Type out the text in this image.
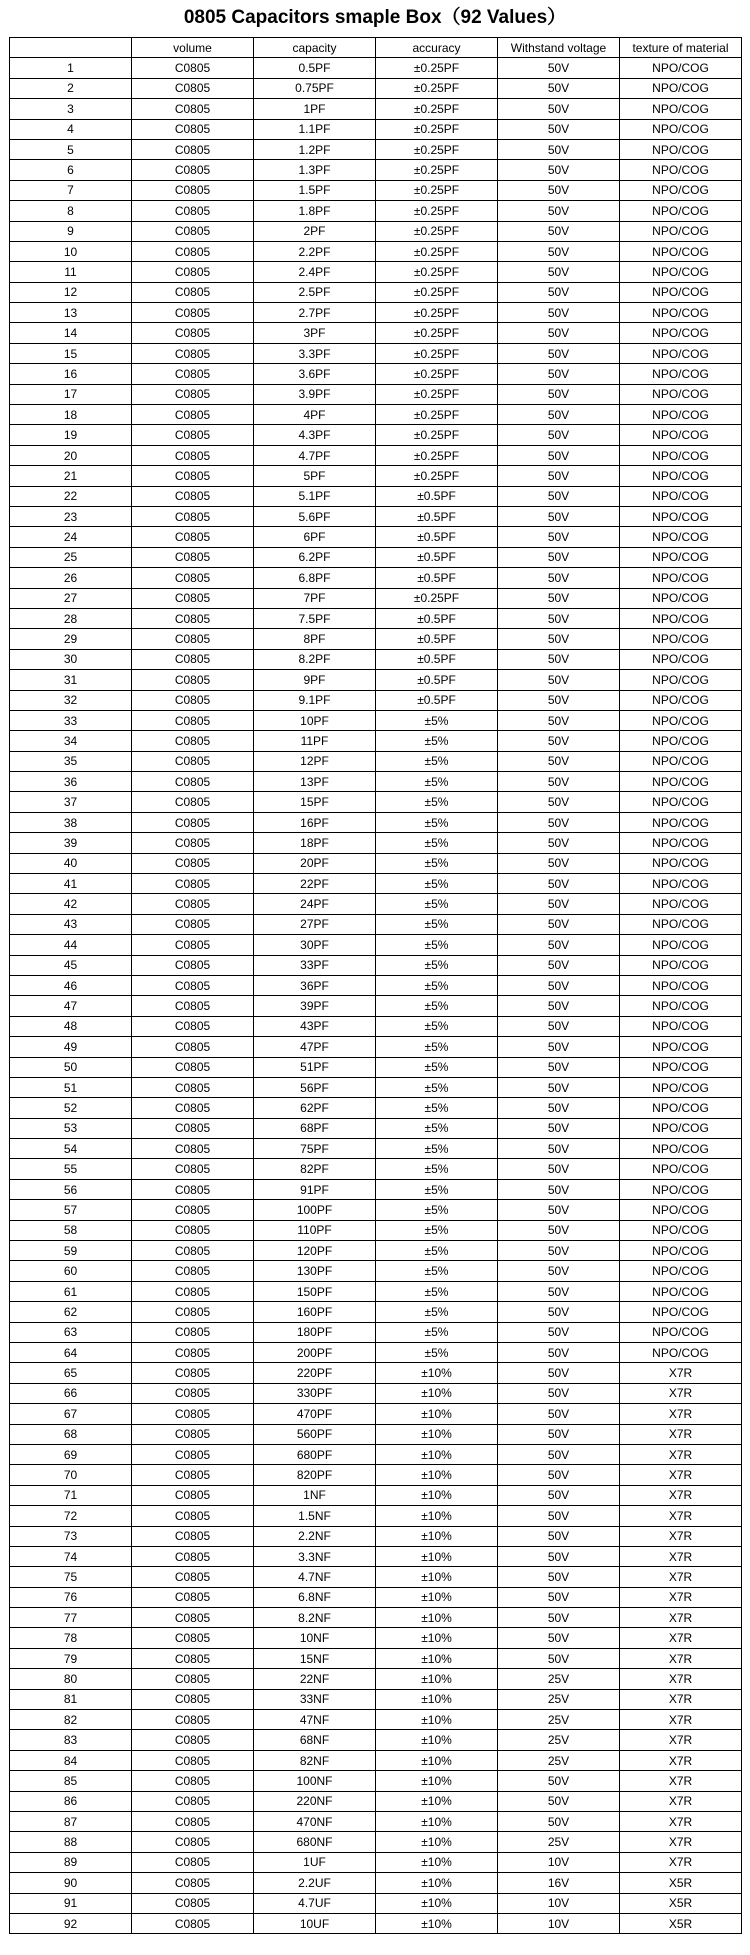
0805 Capacitors smaple Box（92 Values）
	volume	capacity	accuracy	Withstand voltage	texture of material
1	C0805	0.5PF	±0.25PF	50V	NPO/COG
2	C0805	0.75PF	±0.25PF	50V	NPO/COG
3	C0805	1PF	±0.25PF	50V	NPO/COG
4	C0805	1.1PF	±0.25PF	50V	NPO/COG
5	C0805	1.2PF	±0.25PF	50V	NPO/COG
6	C0805	1.3PF	±0.25PF	50V	NPO/COG
7	C0805	1.5PF	±0.25PF	50V	NPO/COG
8	C0805	1.8PF	±0.25PF	50V	NPO/COG
9	C0805	2PF	±0.25PF	50V	NPO/COG
10	C0805	2.2PF	±0.25PF	50V	NPO/COG
11	C0805	2.4PF	±0.25PF	50V	NPO/COG
12	C0805	2.5PF	±0.25PF	50V	NPO/COG
13	C0805	2.7PF	±0.25PF	50V	NPO/COG
14	C0805	3PF	±0.25PF	50V	NPO/COG
15	C0805	3.3PF	±0.25PF	50V	NPO/COG
16	C0805	3.6PF	±0.25PF	50V	NPO/COG
17	C0805	3.9PF	±0.25PF	50V	NPO/COG
18	C0805	4PF	±0.25PF	50V	NPO/COG
19	C0805	4.3PF	±0.25PF	50V	NPO/COG
20	C0805	4.7PF	±0.25PF	50V	NPO/COG
21	C0805	5PF	±0.25PF	50V	NPO/COG
22	C0805	5.1PF	±0.5PF	50V	NPO/COG
23	C0805	5.6PF	±0.5PF	50V	NPO/COG
24	C0805	6PF	±0.5PF	50V	NPO/COG
25	C0805	6.2PF	±0.5PF	50V	NPO/COG
26	C0805	6.8PF	±0.5PF	50V	NPO/COG
27	C0805	7PF	±0.25PF	50V	NPO/COG
28	C0805	7.5PF	±0.5PF	50V	NPO/COG
29	C0805	8PF	±0.5PF	50V	NPO/COG
30	C0805	8.2PF	±0.5PF	50V	NPO/COG
31	C0805	9PF	±0.5PF	50V	NPO/COG
32	C0805	9.1PF	±0.5PF	50V	NPO/COG
33	C0805	10PF	±5%	50V	NPO/COG
34	C0805	11PF	±5%	50V	NPO/COG
35	C0805	12PF	±5%	50V	NPO/COG
36	C0805	13PF	±5%	50V	NPO/COG
37	C0805	15PF	±5%	50V	NPO/COG
38	C0805	16PF	±5%	50V	NPO/COG
39	C0805	18PF	±5%	50V	NPO/COG
40	C0805	20PF	±5%	50V	NPO/COG
41	C0805	22PF	±5%	50V	NPO/COG
42	C0805	24PF	±5%	50V	NPO/COG
43	C0805	27PF	±5%	50V	NPO/COG
44	C0805	30PF	±5%	50V	NPO/COG
45	C0805	33PF	±5%	50V	NPO/COG
46	C0805	36PF	±5%	50V	NPO/COG
47	C0805	39PF	±5%	50V	NPO/COG
48	C0805	43PF	±5%	50V	NPO/COG
49	C0805	47PF	±5%	50V	NPO/COG
50	C0805	51PF	±5%	50V	NPO/COG
51	C0805	56PF	±5%	50V	NPO/COG
52	C0805	62PF	±5%	50V	NPO/COG
53	C0805	68PF	±5%	50V	NPO/COG
54	C0805	75PF	±5%	50V	NPO/COG
55	C0805	82PF	±5%	50V	NPO/COG
56	C0805	91PF	±5%	50V	NPO/COG
57	C0805	100PF	±5%	50V	NPO/COG
58	C0805	110PF	±5%	50V	NPO/COG
59	C0805	120PF	±5%	50V	NPO/COG
60	C0805	130PF	±5%	50V	NPO/COG
61	C0805	150PF	±5%	50V	NPO/COG
62	C0805	160PF	±5%	50V	NPO/COG
63	C0805	180PF	±5%	50V	NPO/COG
64	C0805	200PF	±5%	50V	NPO/COG
65	C0805	220PF	±10%	50V	X7R
66	C0805	330PF	±10%	50V	X7R
67	C0805	470PF	±10%	50V	X7R
68	C0805	560PF	±10%	50V	X7R
69	C0805	680PF	±10%	50V	X7R
70	C0805	820PF	±10%	50V	X7R
71	C0805	1NF	±10%	50V	X7R
72	C0805	1.5NF	±10%	50V	X7R
73	C0805	2.2NF	±10%	50V	X7R
74	C0805	3.3NF	±10%	50V	X7R
75	C0805	4.7NF	±10%	50V	X7R
76	C0805	6.8NF	±10%	50V	X7R
77	C0805	8.2NF	±10%	50V	X7R
78	C0805	10NF	±10%	50V	X7R
79	C0805	15NF	±10%	50V	X7R
80	C0805	22NF	±10%	25V	X7R
81	C0805	33NF	±10%	25V	X7R
82	C0805	47NF	±10%	25V	X7R
83	C0805	68NF	±10%	25V	X7R
84	C0805	82NF	±10%	25V	X7R
85	C0805	100NF	±10%	50V	X7R
86	C0805	220NF	±10%	50V	X7R
87	C0805	470NF	±10%	50V	X7R
88	C0805	680NF	±10%	25V	X7R
89	C0805	1UF	±10%	10V	X7R
90	C0805	2.2UF	±10%	16V	X5R
91	C0805	4.7UF	±10%	10V	X5R
92	C0805	10UF	±10%	10V	X5R
